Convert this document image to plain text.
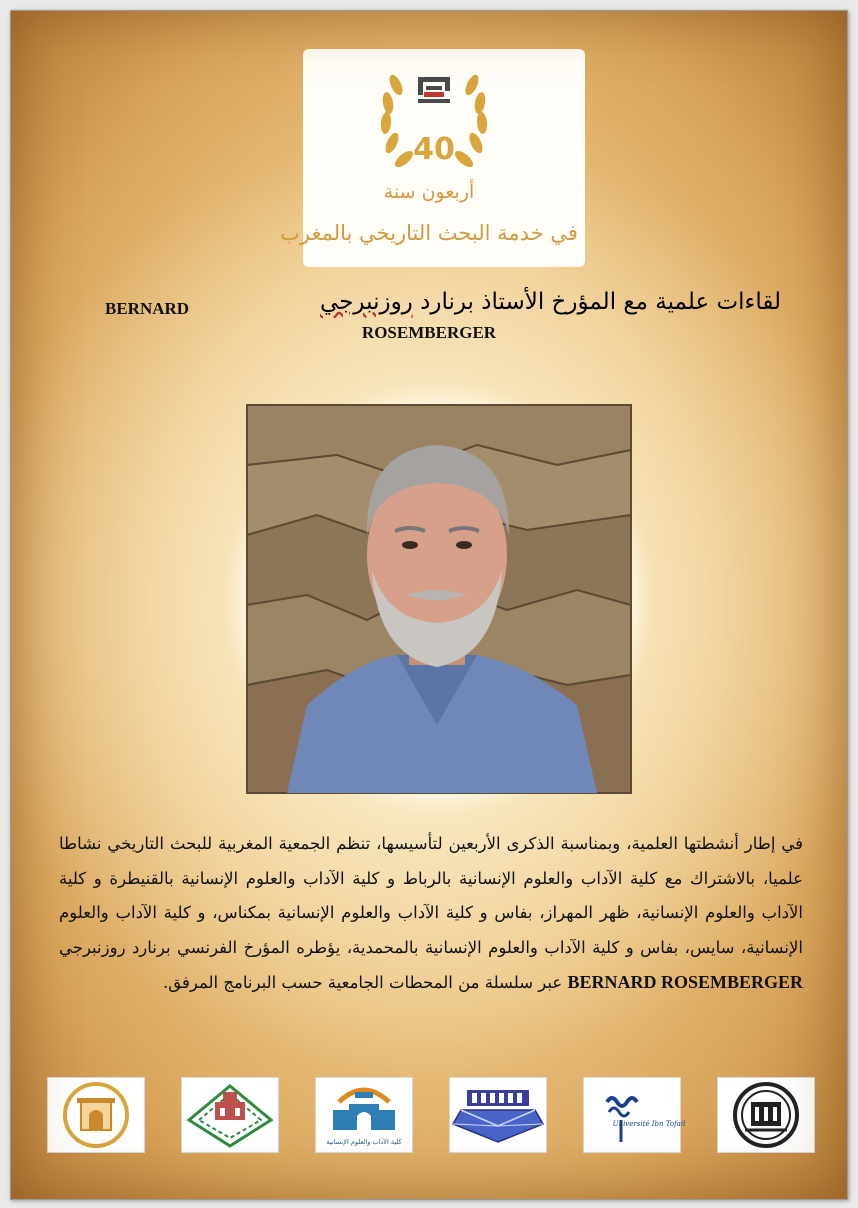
40
أربعون سنة
في خدمة البحث التاريخي بالمغرب
لقاءات علمية مع المؤرخ الأستاذ برنارد روزنبرجي
BERNARD
ROSEMBERGER
في إطار أنشطتها العلمية، وبمناسبة الذكرى الأربعين لتأسيسها، تنظم الجمعية المغربية للبحث التاريخي نشاطا علميا، بالاشتراك مع كلية الآداب والعلوم الإنسانية بالرباط و كلية الآداب والعلوم الإنسانية بالقنيطرة و كلية الآداب والعلوم الإنسانية، ظهر المهراز، بفاس و كلية الآداب والعلوم الإنسانية بمكناس، و كلية الآداب والعلوم الإنسانية، سايس، بفاس و كلية الآداب والعلوم الإنسانية بالمحمدية، يؤطره المؤرخ الفرنسي برنارد روزنبرجي BERNARD ROSEMBERGER عبر سلسلة من المحطات الجامعية حسب البرنامج المرفق.
كلية الآداب والعلوم الإنسانية
Université Ibn Tofail
